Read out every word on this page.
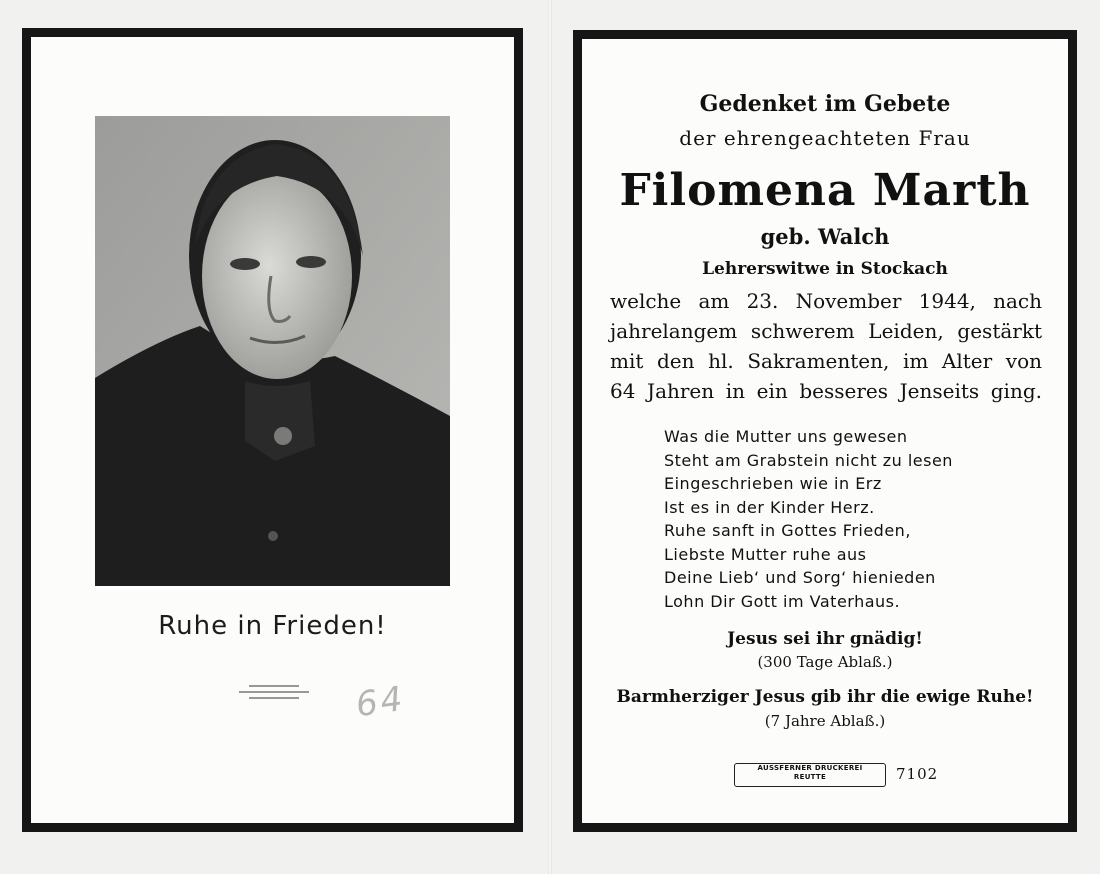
Ruhe in Frieden!
64
Gedenket im Gebete
der ehrengeachteten Frau
Filomena Marth
geb. Walch
Lehrerswitwe in Stockach
welche am 23. November 1944, nach
jahrelangem schwerem Leiden, gestärkt
mit den hl. Sakramenten, im Alter von
64 Jahren in ein besseres Jenseits ging.
Was die Mutter uns gewesen
Steht am Grabstein nicht zu lesen
Eingeschrieben wie in Erz
Ist es in der Kinder Herz.
Ruhe sanft in Gottes Frieden,
Liebste Mutter ruhe aus
Deine Lieb‘ und Sorg‘ hienieden
Lohn Dir Gott im Vaterhaus.
Jesus sei ihr gnädig!
(300 Tage Ablaß.)
Barmherziger Jesus gib ihr die ewige Ruhe!
(7 Jahre Ablaß.)
AUSSFERNER DRUCKEREI
REUTTE	7102
